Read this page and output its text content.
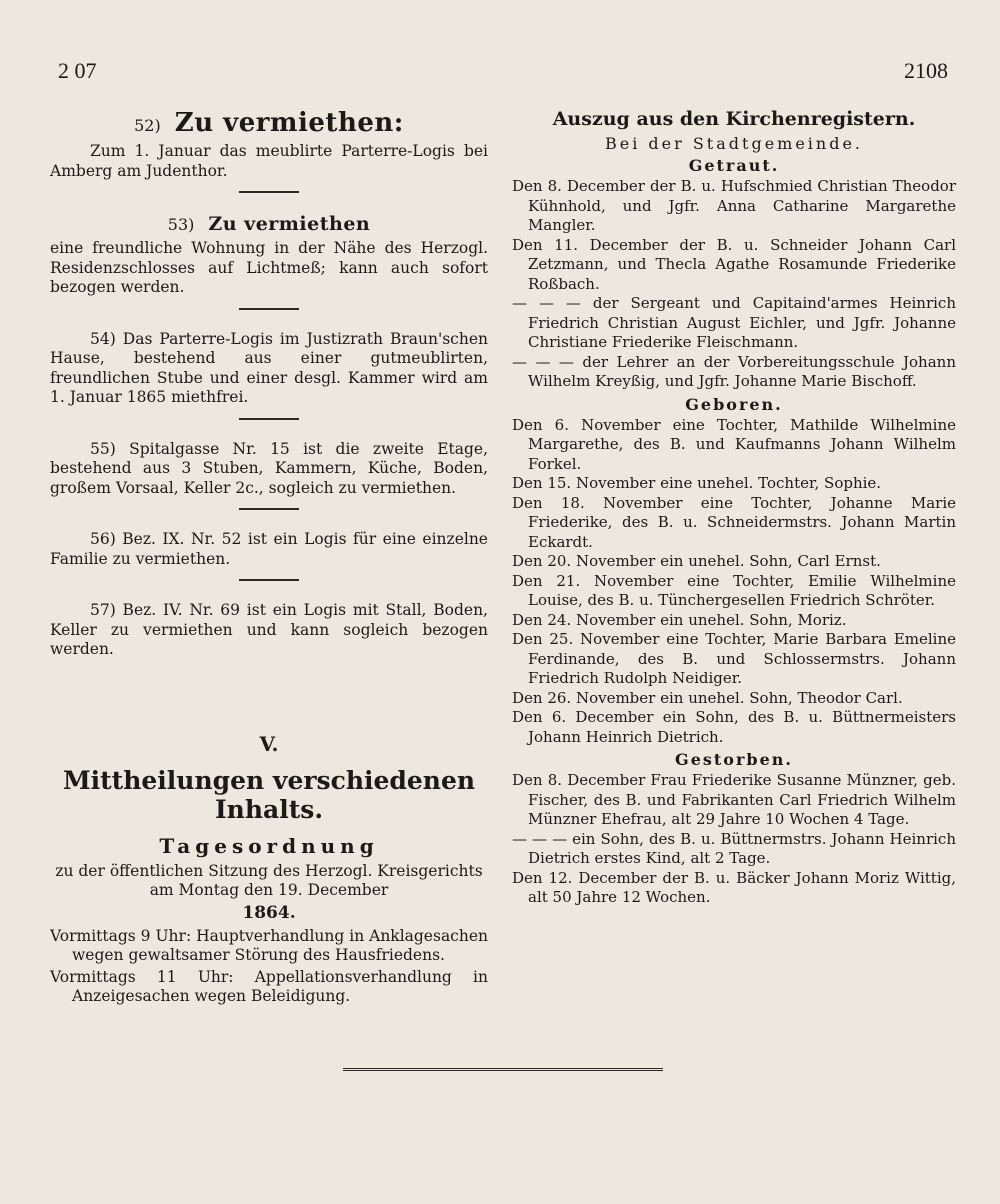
2 07	2108
52) Zu vermiethen:

Zum 1. Januar das meublirte Parterre-Logis bei Amberg am Judenthor.

53) Zu vermiethen

eine freundliche Wohnung in der Nähe des Herzogl. Residenzschlosses auf Lichtmeß; kann auch sofort bezogen werden.

54) Das Parterre-Logis im Justizrath Braun'schen Hause, bestehend aus einer gutmeublirten, freundlichen Stube und einer desgl. Kammer wird am 1. Januar 1865 miethfrei.

55) Spitalgasse Nr. 15 ist die zweite Etage, bestehend aus 3 Stuben, Kammern, Küche, Boden, großem Vorsaal, Keller 2c., sogleich zu vermiethen.

56) Bez. IX. Nr. 52 ist ein Logis für eine einzelne Familie zu vermiethen.

57) Bez. IV. Nr. 69 ist ein Logis mit Stall, Boden, Keller zu vermiethen und kann sogleich bezogen werden.

V.
Mittheilungen verschiedenen Inhalts.
Tagesordnung

zu der öffentlichen Sitzung des Herzogl. Kreisgerichts am Montag den 19. December

1864.

Vormittags 9 Uhr: Hauptverhandlung in Anklagesachen wegen gewaltsamer Störung des Hausfriedens.

Vormittags 11 Uhr: Appellationsverhandlung in Anzeigesachen wegen Beleidigung.

Auszug aus den Kirchenregistern.
Bei der Stadtgemeinde.
Getraut.

Den 8. December der B. u. Hufschmied Christian Theodor Kühnhold, und Jgfr. Anna Catharine Margarethe Mangler.

Den 11. December der B. u. Schneider Johann Carl Zetzmann, und Thecla Agathe Rosamunde Friederike Roßbach.

— — — der Sergeant und Capitaind'armes Heinrich Friedrich Christian August Eichler, und Jgfr. Johanne Christiane Friederike Fleischmann.

— — — der Lehrer an der Vorbereitungsschule Johann Wilhelm Kreyßig, und Jgfr. Johanne Marie Bischoff.

Geboren.

Den 6. November eine Tochter, Mathilde Wilhelmine Margarethe, des B. und Kaufmanns Johann Wilhelm Forkel.

Den 15. November eine unehel. Tochter, Sophie.

Den 18. November eine Tochter, Johanne Marie Friederike, des B. u. Schneidermstrs. Johann Martin Eckardt.

Den 20. November ein unehel. Sohn, Carl Ernst.

Den 21. November eine Tochter, Emilie Wilhelmine Louise, des B. u. Tünchergesellen Friedrich Schröter.

Den 24. November ein unehel. Sohn, Moriz.

Den 25. November eine Tochter, Marie Barbara Emeline Ferdinande, des B. und Schlossermstrs. Johann Friedrich Rudolph Neidiger.

Den 26. November ein unehel. Sohn, Theodor Carl.

Den 6. December ein Sohn, des B. u. Büttnermeisters Johann Heinrich Dietrich.

Gestorben.

Den 8. December Frau Friederike Susanne Münzner, geb. Fischer, des B. und Fabrikanten Carl Friedrich Wilhelm Münzner Ehefrau, alt 29 Jahre 10 Wochen 4 Tage.

— — — ein Sohn, des B. u. Büttnermstrs. Johann Heinrich Dietrich erstes Kind, alt 2 Tage.

Den 12. December der B. u. Bäcker Johann Moriz Wittig, alt 50 Jahre 12 Wochen.
